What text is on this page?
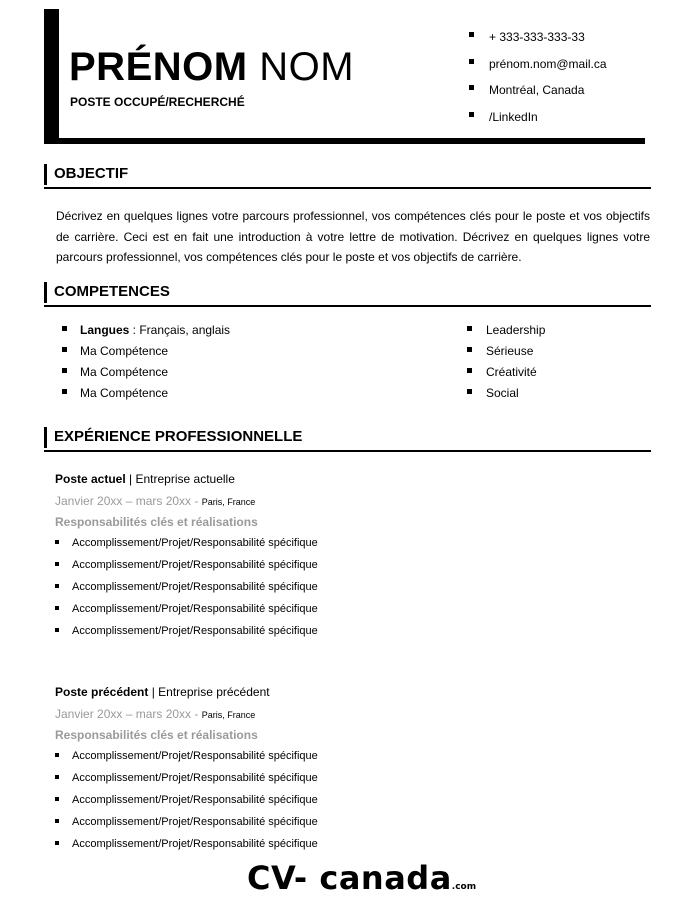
PRÉNOM NOM
POSTE OCCUPÉ/RECHERCHÉ
+ 333-333-333-33
prénom.nom@mail.ca
Montréal, Canada
/LinkedIn
OBJECTIF
Décrivez en quelques lignes votre parcours professionnel, vos compétences clés pour le poste et vos objectifs de carrière. Ceci est en fait une introduction à votre lettre de motivation. Décrivez en quelques lignes votre parcours professionnel, vos compétences clés pour le poste et vos objectifs de carrière.
COMPETENCES
Langues : Français, anglais
Ma Compétence
Ma Compétence
Ma Compétence
Leadership
Sérieuse
Créativité
Social
EXPÉRIENCE PROFESSIONNELLE
Poste actuel | Entreprise actuelle
Janvier 20xx – mars 20xx - Paris, France
Responsabilités clés et réalisations
Accomplissement/Projet/Responsabilité spécifique
Accomplissement/Projet/Responsabilité spécifique
Accomplissement/Projet/Responsabilité spécifique
Accomplissement/Projet/Responsabilité spécifique
Accomplissement/Projet/Responsabilité spécifique
Poste précédent | Entreprise précédent
Janvier 20xx – mars 20xx - Paris, France
Responsabilités clés et réalisations
Accomplissement/Projet/Responsabilité spécifique
Accomplissement/Projet/Responsabilité spécifique
Accomplissement/Projet/Responsabilité spécifique
Accomplissement/Projet/Responsabilité spécifique
Accomplissement/Projet/Responsabilité spécifique
CV- canada.com
